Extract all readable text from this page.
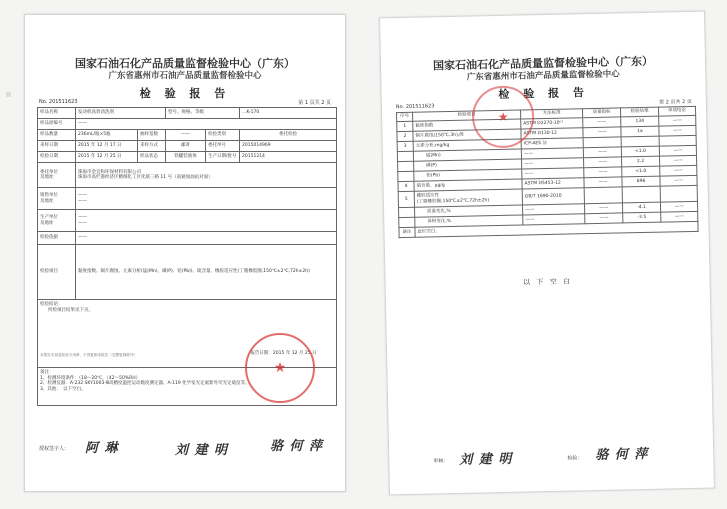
国家石油石化产品质量监督检验中心（广东）
广东省惠州市石油产品质量监督检验中心
检 验 报 告
No. 201511623	第 1 页共 2 页
样品名称	发动机高效清洗剂		型号、规格、等级		…K-170
样品原编号	——				
样品数量	236mL/瓶×5瓶	抽样基数	——	检验类别	委托检验
来样日期	2015 年 12 月 17 日	来样方式	邮寄	委托单号	2015014969
检验日期	2015 年 12 月 25 日	样品状态	铁罐装液体	生产日期/批号	20151214
委托单位
及地址	珠海市金宜和环保材料有限公司
珠海市高栏港经济区精细化工区化联三路 11 号（南通加油站对面）				
销售单位
及地址	——
——				
生产单位
及地址	——
——				
检验依据	——				
检验项目	黏度指数、铜片腐蚀、元素分析(锰(Mn)、磷(P)、铅(Pb))、硫含量、橡胶适应性(丁腈橡胶圈,150℃±2℃,72h±2h)				

检验结论：
所检项目结果见下页。
本报告未加盖检验专用章、不得复制本报告（完整复制除外） 报告日期：2015 年 12 月 25 日					

备注：
1、检测环境条件：（18～20℃，（42～50%RH）
2、检测仪器：A-232 SKY1003-Ⅲ高精度温控运动黏度测定器、A-119 化学发光定氮紫外荧光定硫仪等。
3、其他：　以下空白。					
★
授权签字人： 阿 琳	刘 建 明	骆 何 萍
国家石油石化产品质量监督检验中心（广东）
广东省惠州市石油产品质量监督检验中心
检 验 报 告
No. 201511623
第 2 页共 2 页
序号	检验项目	方法标准	质量指标	检验结果	单项结论
1	黏度指数	ASTM D2270-10ᵉ¹	——	134	——
2	铜片腐蚀(150℃,3h),级	ASTM D130-12	——	1a	——
3	元素分析,mg/kg	ICP-AES 法			
	锰(Mn)	——	——	<1.0	——
	磷(P)	——	——	2.2	——
	铅(Pb)	——	——	<1.0	——
4	硫含量，μg/g	ASTM D5453-12	——	696	——
5	橡胶适应性
(丁腈橡胶圈,150℃±2℃,72h±2h)	GB/T 1690-2010			
	质量变化,%	——	——	-4.1	——
	体积变化,%	——	——	-3.5	——
备注	此栏空白。				
★
以 下 空 白
审核： 刘 建 明	检验： 骆 何 萍
